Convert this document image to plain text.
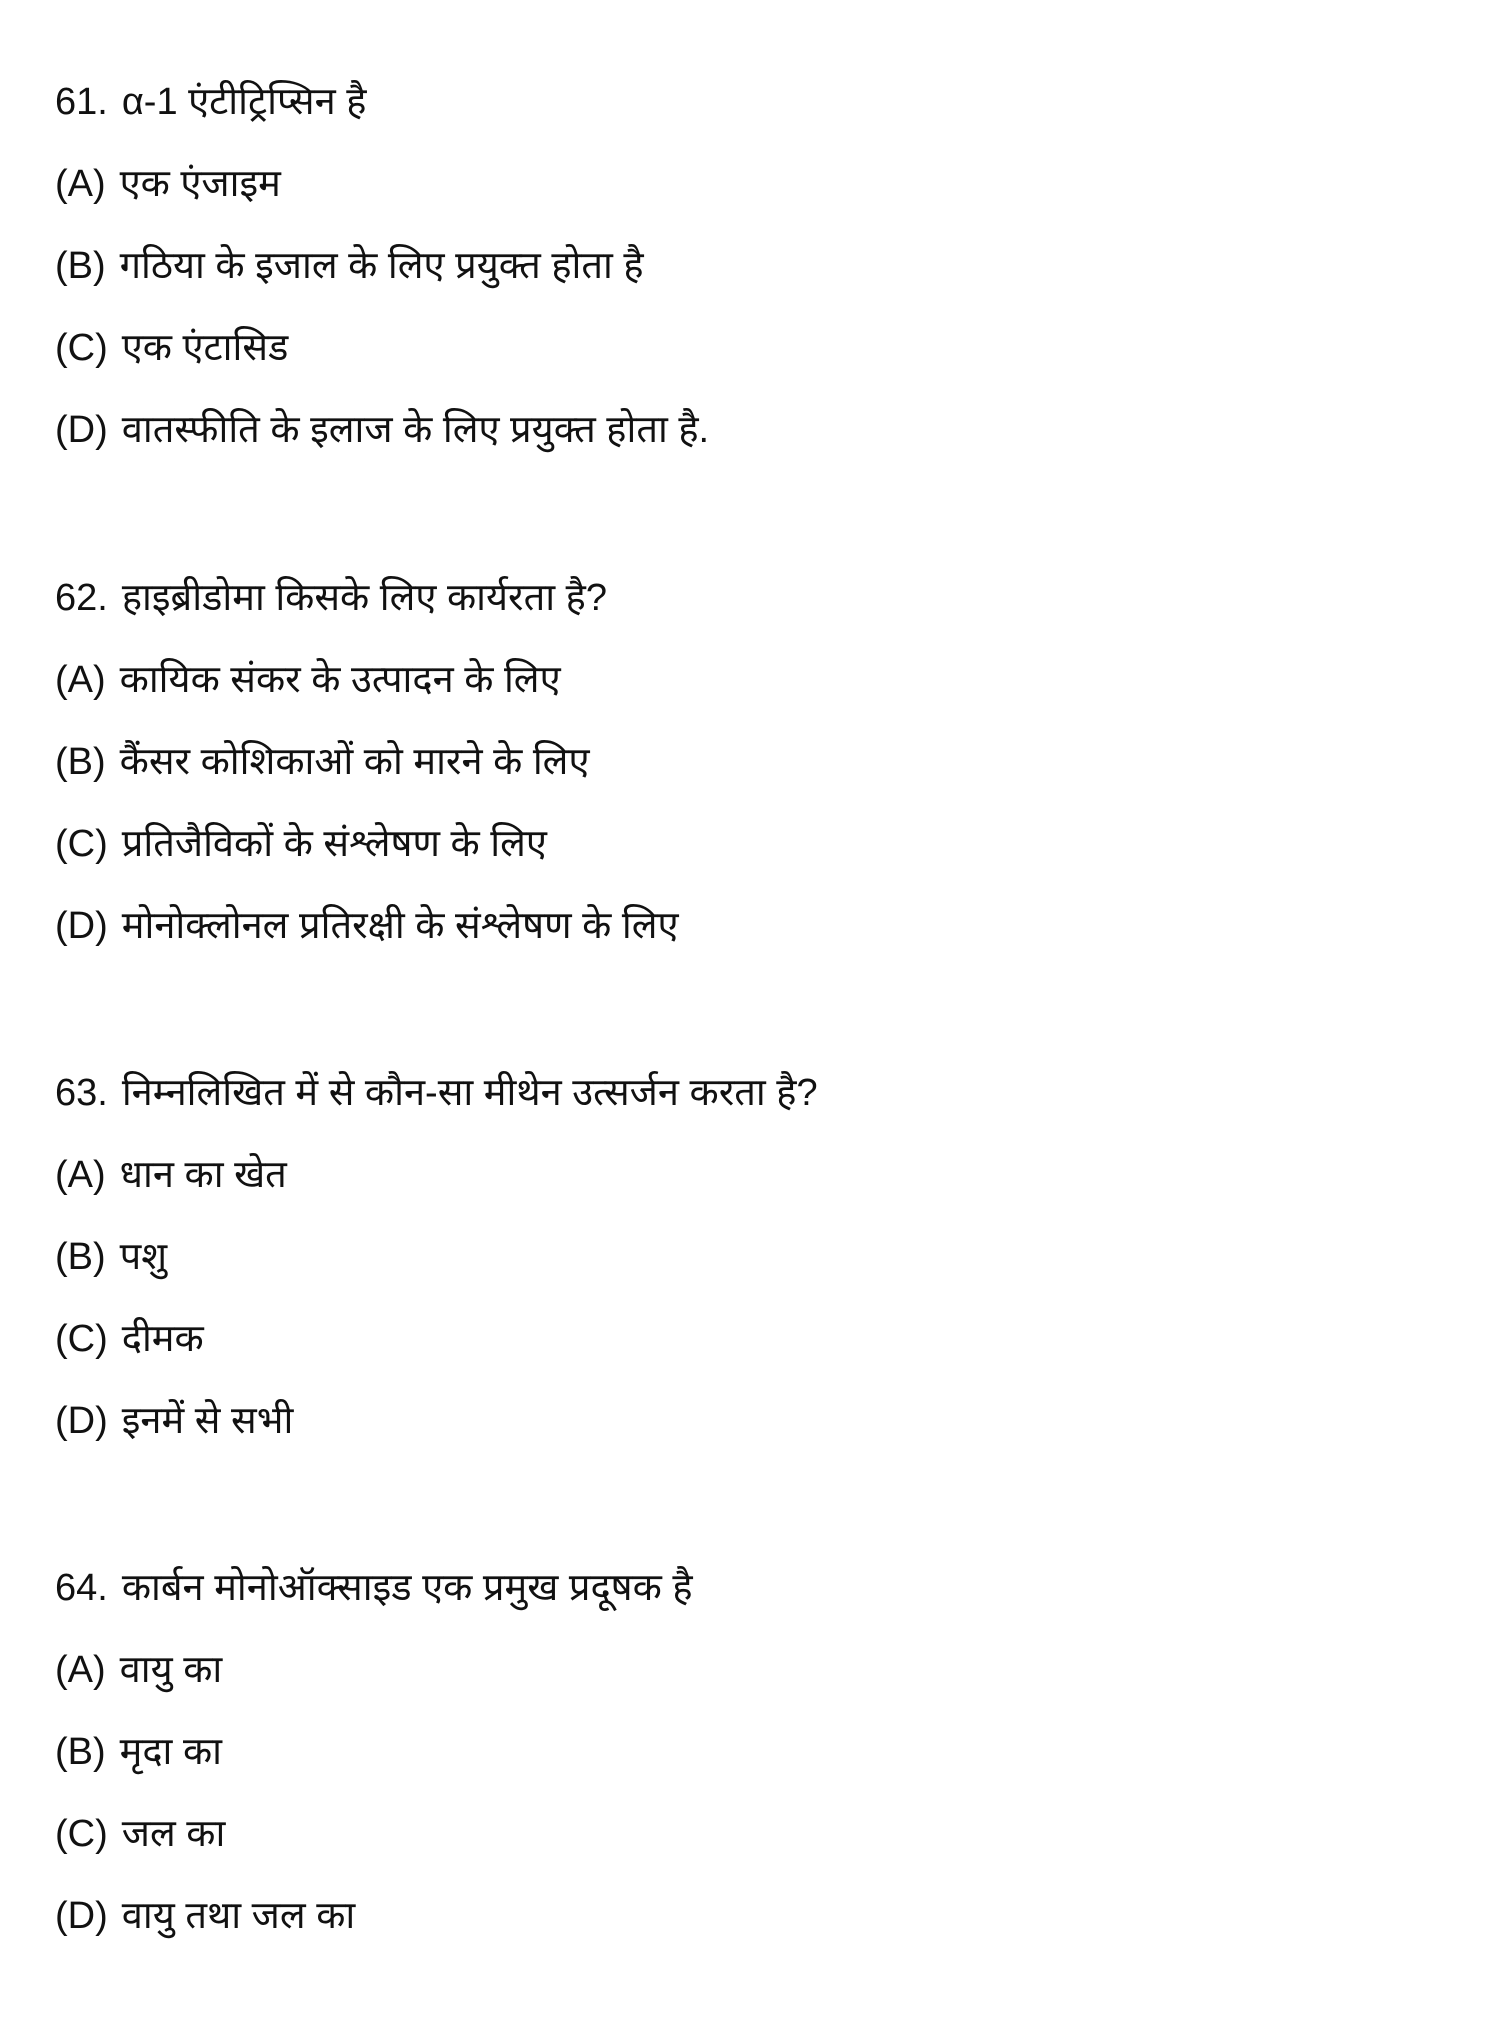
61. α-1 एंटीट्रिप्सिन है
(A) एक एंजाइम
(B) गठिया के इजाल के लिए प्रयुक्त होता है
(C) एक एंटासिड
(D) वातस्फीति के इलाज के लिए प्रयुक्त होता है.
62. हाइब्रीडोमा किसके लिए कार्यरता है?
(A) कायिक संकर के उत्पादन के लिए
(B) कैंसर कोशिकाओं को मारने के लिए
(C) प्रतिजैविकों के संश्लेषण के लिए
(D) मोनोक्लोनल प्रतिरक्षी के संश्लेषण के लिए
63. निम्नलिखित में से कौन-सा मीथेन उत्सर्जन करता है?
(A) धान का खेत
(B) पशु
(C) दीमक
(D) इनमें से सभी
64. कार्बन मोनोऑक्साइड एक प्रमुख प्रदूषक है
(A) वायु का
(B) मृदा का
(C) जल का
(D) वायु तथा जल का
